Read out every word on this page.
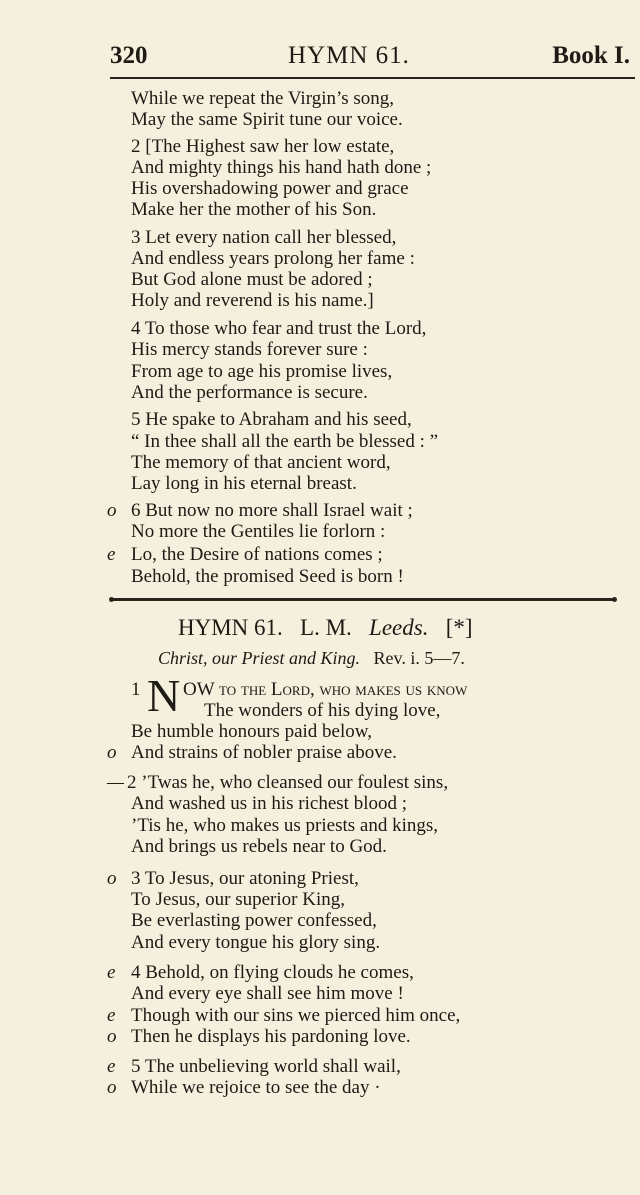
320	HYMN 61.	Book I.
While we repeat the Virgin’s song,
May the same Spirit tune our voice.
2 [The Highest saw her low estate,
And mighty things his hand hath done ;
His overshadowing power and grace
Make her the mother of his Son.
3 Let every nation call her blessed,
And endless years prolong her fame :
But God alone must be adored ;
Holy and reverend is his name.]
4 To those who fear and trust the Lord,
His mercy stands forever sure :
From age to age his promise lives,
And the performance is secure.
5 He spake to Abraham and his seed,
“ In thee shall all the earth be blessed : ”
The memory of that ancient word,
Lay long in his eternal breast.
o 6 But now no more shall Israel wait ;
No more the Gentiles lie forlorn :
e Lo, the Desire of nations comes ;
Behold, the promised Seed is born !
HYMN 61. L. M. Leeds. [*]
Christ, our Priest and King. Rev. i. 5—7.
1 N OW to the Lord, who makes us know
The wonders of his dying love,
Be humble honours paid below,
o And strains of nobler praise above.
— 2 ’Twas he, who cleansed our foulest sins,
And washed us in his richest blood ;
’Tis he, who makes us priests and kings,
And brings us rebels near to God.
o 3 To Jesus, our atoning Priest,
To Jesus, our superior King,
Be everlasting power confessed,
And every tongue his glory sing.
e 4 Behold, on flying clouds he comes,
And every eye shall see him move !
e Though with our sins we pierced him once,
o Then he displays his pardoning love.
e 5 The unbelieving world shall wail,
o While we rejoice to see the day ·
